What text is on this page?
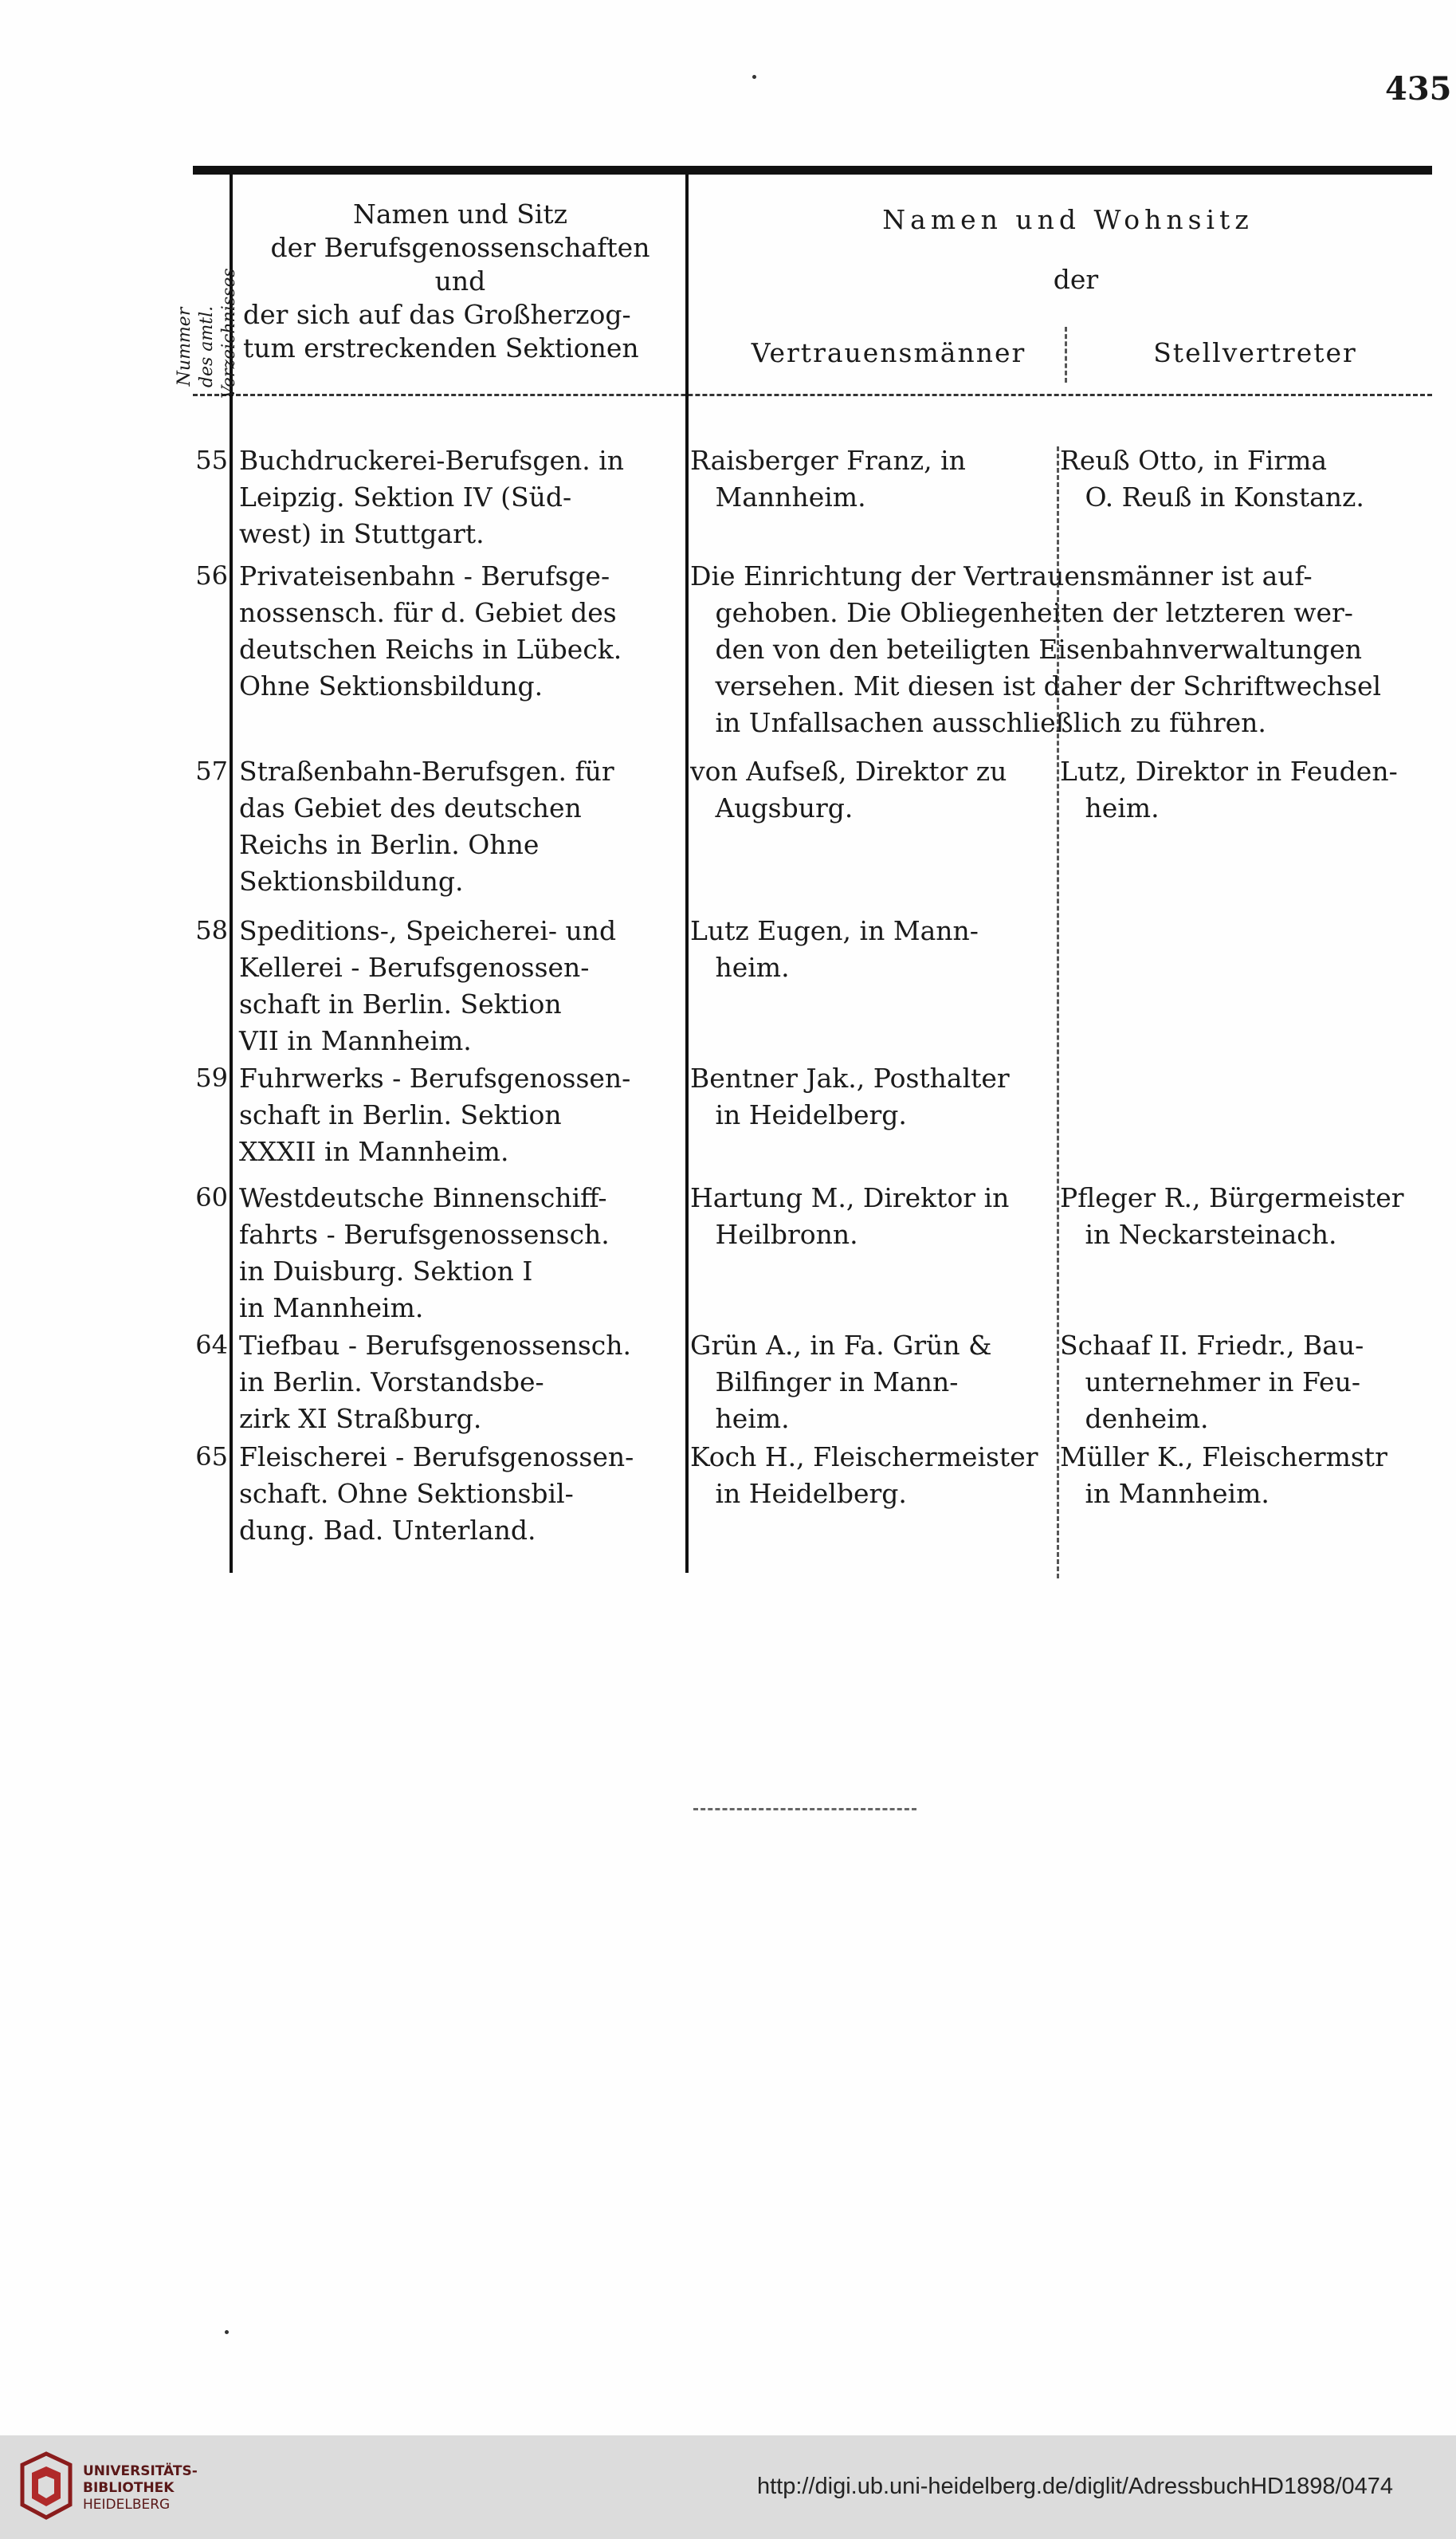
435
Nummer des amtl. Verzeichnisses
Namen und Sitz
der Berufsgenossenschaften
und
der sich auf das Großherzog-
tum erstreckenden Sektionen
Namen und Wohnsitz
der
Vertrauensmänner	Stellvertreter
55 Buchdruckerei-Berufsgen. in
Leipzig. Sektion IV (Süd-
west) in Stuttgart.
Raisberger Franz, in
Mannheim.
Reuß Otto, in Firma
O. Reuß in Konstanz.
56 Privateisenbahn - Berufsge-
nossensch. für d. Gebiet des
deutschen Reichs in Lübeck.
Ohne Sektionsbildung.
Die Einrichtung der Vertrauensmänner ist auf-
gehoben. Die Obliegenheiten der letzteren wer-
den von den beteiligten Eisenbahnverwaltungen
versehen. Mit diesen ist daher der Schriftwechsel
in Unfallsachen ausschließlich zu führen.
57 Straßenbahn-Berufsgen. für
das Gebiet des deutschen
Reichs in Berlin. Ohne
Sektionsbildung.
von Aufseß, Direktor zu
Augsburg.
Lutz, Direktor in Feuden-
heim.
58 Speditions-, Speicherei- und
Kellerei - Berufsgenossen-
schaft in Berlin. Sektion
VII in Mannheim.
Lutz Eugen, in Mann-
heim.
59 Fuhrwerks - Berufsgenossen-
schaft in Berlin. Sektion
XXXII in Mannheim.
Bentner Jak., Posthalter
in Heidelberg.
60 Westdeutsche Binnenschiff-
fahrts - Berufsgenossensch.
in Duisburg. Sektion I
in Mannheim.
Hartung M., Direktor in
Heilbronn.
Pfleger R., Bürgermeister
in Neckarsteinach.
64 Tiefbau - Berufsgenossensch.
in Berlin. Vorstandsbe-
zirk XI Straßburg.
Grün A., in Fa. Grün &
Bilfinger in Mann-
heim.
Schaaf II. Friedr., Bau-
unternehmer in Feu-
denheim.
65 Fleischerei - Berufsgenossen-
schaft. Ohne Sektionsbil-
dung. Bad. Unterland.
Koch H., Fleischermeister
in Heidelberg.
Müller K., Fleischermstr
in Mannheim.
UNIVERSITÄTS-
BIBLIOTHEK
HEIDELBERG
http://digi.ub.uni-heidelberg.de/diglit/AdressbuchHD1898/0474
